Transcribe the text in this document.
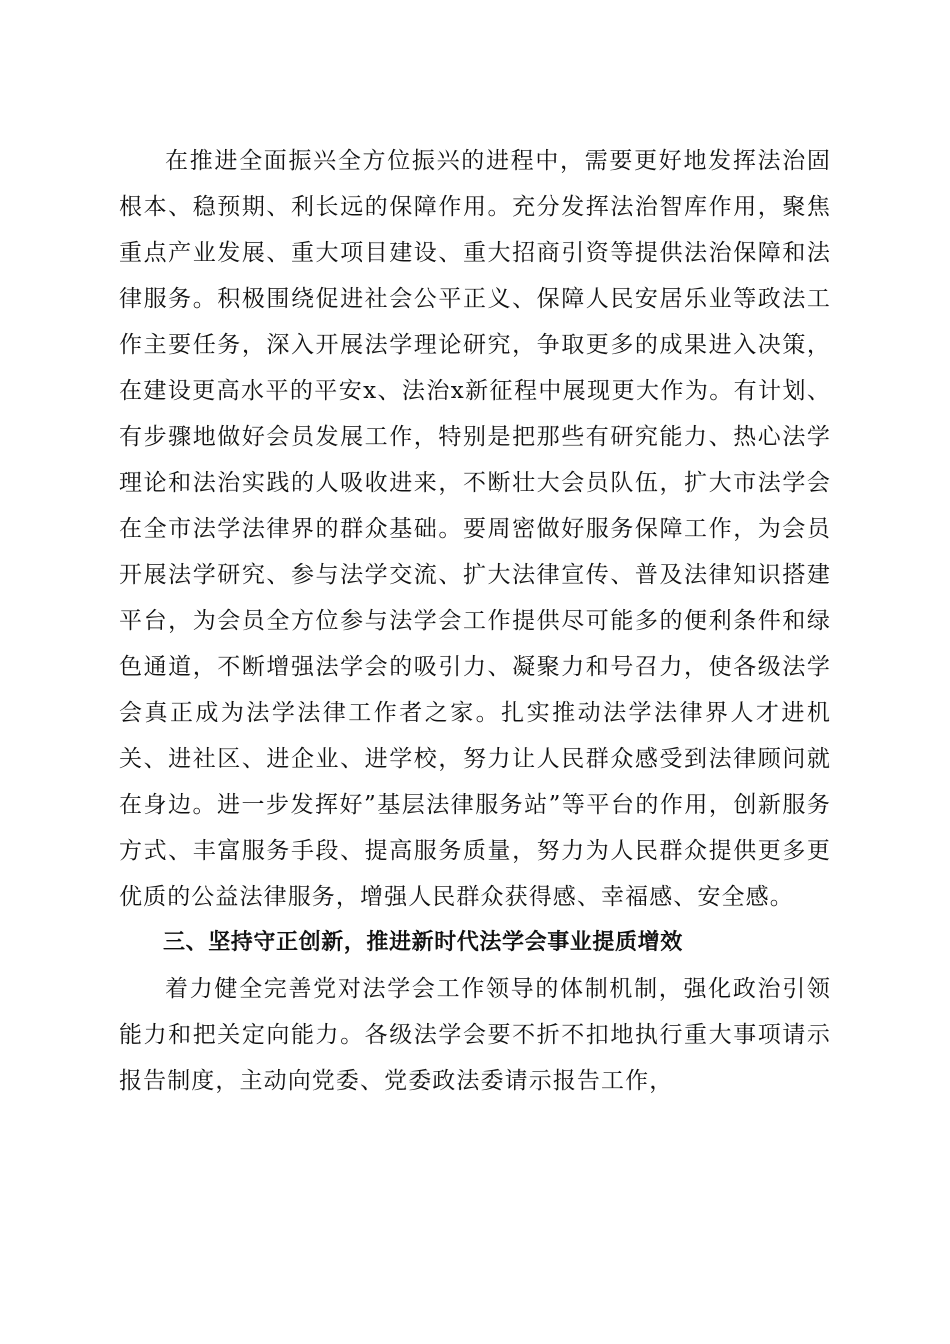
在推进全面振兴全方位振兴的进程中，需要更好地发挥法治固根本、稳预期、利长远的保障作用。充分发挥法治智库作用，聚焦重点产业发展、重大项目建设、重大招商引资等提供法治保障和法律服务。积极围绕促进社会公平正义、保障人民安居乐业等政法工作主要任务，深入开展法学理论研究，争取更多的成果进入决策，在建设更高水平的平安x、法治x新征程中展现更大作为。有计划、有步骤地做好会员发展工作，特别是把那些有研究能力、热心法学理论和法治实践的人吸收进来，不断壮大会员队伍，扩大市法学会在全市法学法律界的群众基础。要周密做好服务保障工作，为会员开展法学研究、参与法学交流、扩大法律宣传、普及法律知识搭建平台，为会员全方位参与法学会工作提供尽可能多的便利条件和绿色通道，不断增强法学会的吸引力、凝聚力和号召力，使各级法学会真正成为法学法律工作者之家。扎实推动法学法律界人才进机关、进社区、进企业、进学校，努力让人民群众感受到法律顾问就在身边。进一步发挥好”基层法律服务站”等平台的作用，创新服务方式、丰富服务手段、提高服务质量，努力为人民群众提供更多更优质的公益法律服务，增强人民群众获得感、幸福感、安全感。

三、坚持守正创新，推进新时代法学会事业提质增效

着力健全完善党对法学会工作领导的体制机制，强化政治引领能力和把关定向能力。各级法学会要不折不扣地执行重大事项请示报告制度，主动向党委、党委政法委请示报告工作，
